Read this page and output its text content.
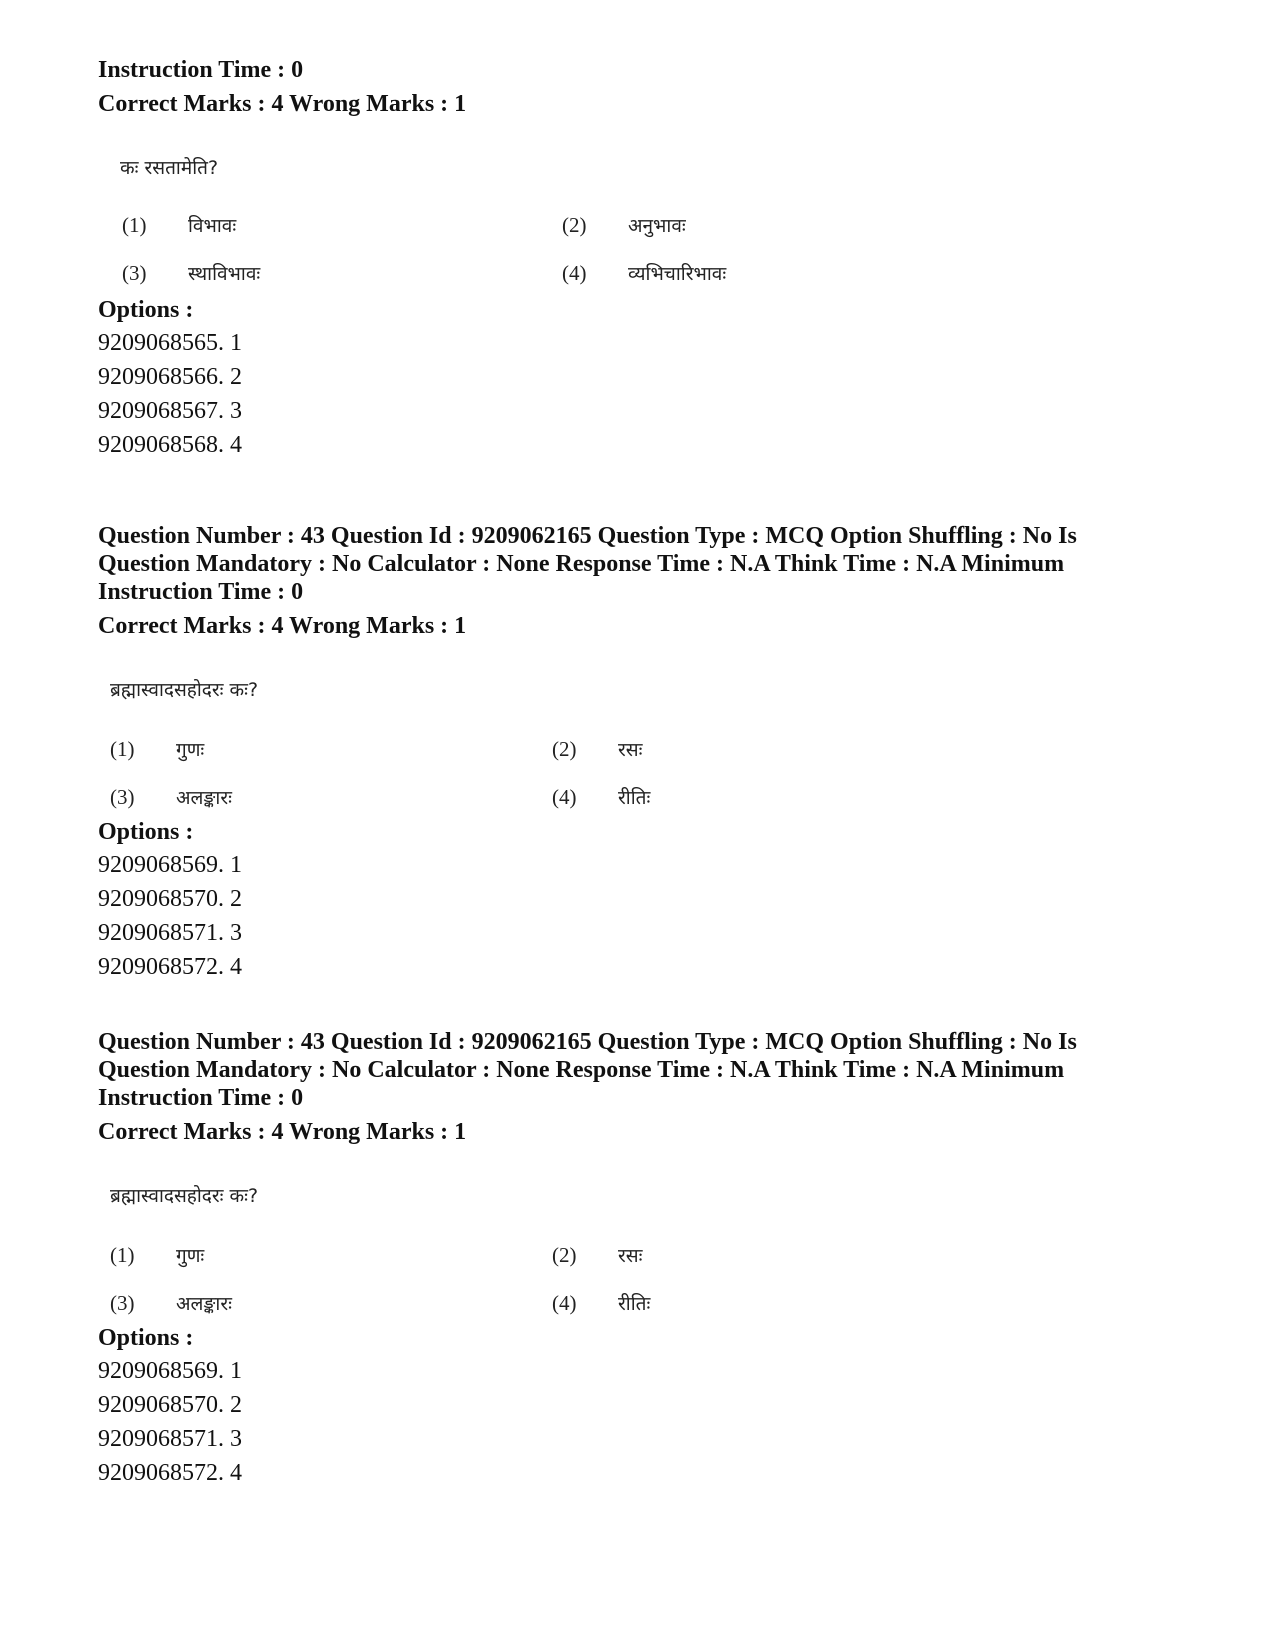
Instruction Time : 0

Correct Marks : 4 Wrong Marks : 1

कः रसतामेति?
(1) विभावः	(2) अनुभावः
(3) स्थाविभावः	(4) व्यभिचारिभावः

Options :

9209068565. 1

9209068566. 2

9209068567. 3

9209068568. 4

Question Number : 43 Question Id : 9209062165 Question Type : MCQ Option Shuffling : No Is

Question Mandatory : No Calculator : None Response Time : N.A Think Time : N.A Minimum

Instruction Time : 0

Correct Marks : 4 Wrong Marks : 1

ब्रह्मास्वादसहोदरः कः?
(1) गुणः	(2) रसः
(3) अलङ्कारः	(4) रीतिः

Options :

9209068569. 1

9209068570. 2

9209068571. 3

9209068572. 4

Question Number : 43 Question Id : 9209062165 Question Type : MCQ Option Shuffling : No Is

Question Mandatory : No Calculator : None Response Time : N.A Think Time : N.A Minimum

Instruction Time : 0

Correct Marks : 4 Wrong Marks : 1

ब्रह्मास्वादसहोदरः कः?
(1) गुणः	(2) रसः
(3) अलङ्कारः	(4) रीतिः

Options :

9209068569. 1

9209068570. 2

9209068571. 3

9209068572. 4
